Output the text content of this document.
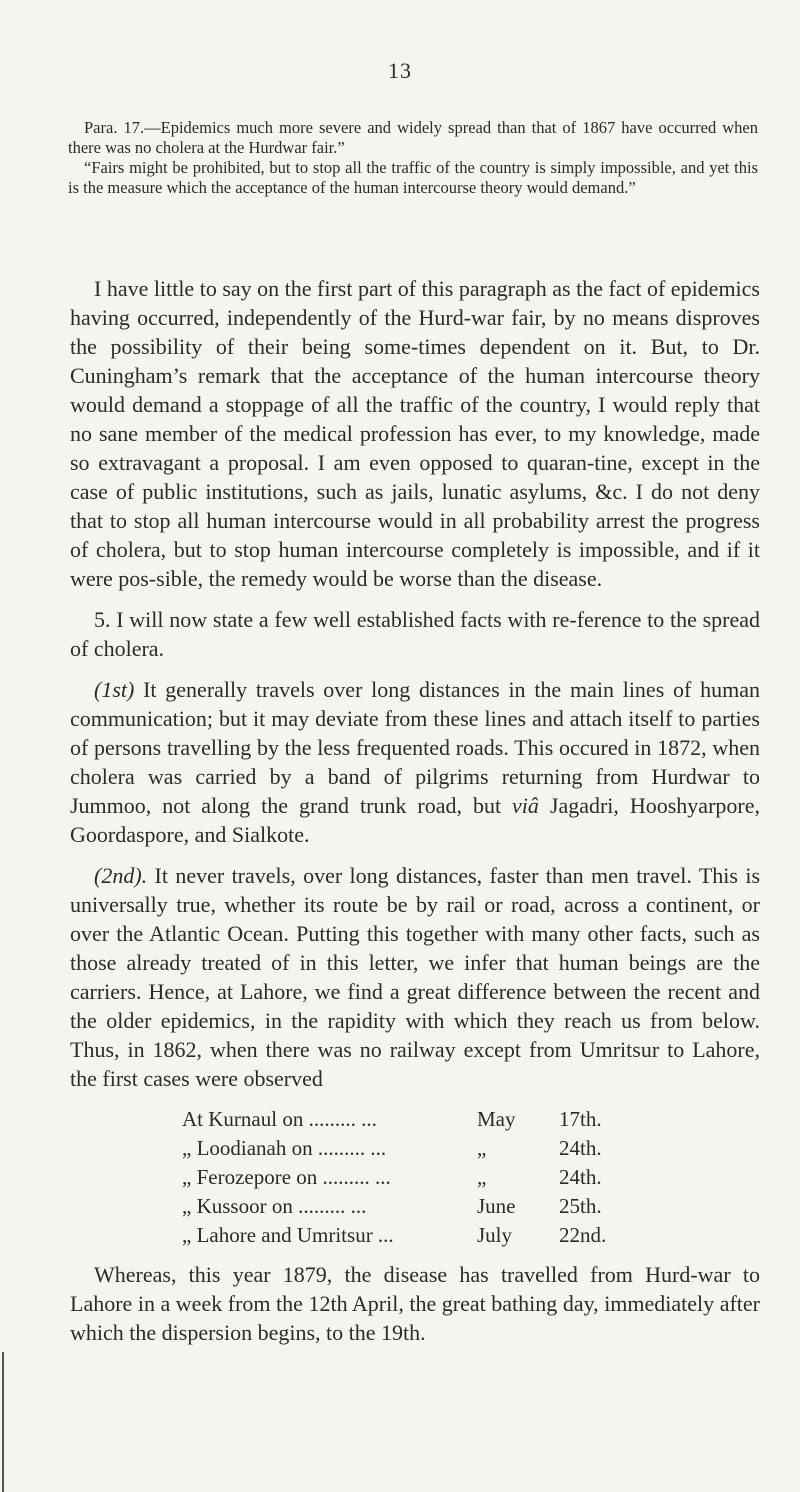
13

Para. 17.—Epidemics much more severe and widely spread than that of 1867 have occurred when there was no cholera at the Hurdwar fair.”

“Fairs might be prohibited, but to stop all the traffic of the country is simply impossible, and yet this is the measure which the acceptance of the human intercourse theory would demand.”

I have little to say on the first part of this paragraph as the fact of epidemics having occurred, independently of the Hurd-war fair, by no means disproves the possibility of their being some-times dependent on it. But, to Dr. Cuningham’s remark that the acceptance of the human intercourse theory would demand a stoppage of all the traffic of the country, I would reply that no sane member of the medical profession has ever, to my knowledge, made so extravagant a proposal. I am even opposed to quaran-tine, except in the case of public institutions, such as jails, lunatic asylums, &c. I do not deny that to stop all human intercourse would in all probability arrest the progress of cholera, but to stop human intercourse completely is impossible, and if it were pos-sible, the remedy would be worse than the disease.

5. I will now state a few well established facts with re-ference to the spread of cholera.

(1st) It generally travels over long distances in the main lines of human communication; but it may deviate from these lines and attach itself to parties of persons travelling by the less frequented roads. This occured in 1872, when cholera was carried by a band of pilgrims returning from Hurdwar to Jummoo, not along the grand trunk road, but viâ Jagadri, Hooshyarpore, Goordaspore, and Sialkote.

(2nd). It never travels, over long distances, faster than men travel. This is universally true, whether its route be by rail or road, across a continent, or over the Atlantic Ocean. Putting this together with many other facts, such as those already treated of in this letter, we infer that human beings are the carriers. Hence, at Lahore, we find a great difference between the recent and the older epidemics, in the rapidity with which they reach us from below. Thus, in 1862, when there was no railway except from Umritsur to Lahore, the first cases were observed

At Kurnaul on ......... ...	May	17th.
„ Loodianah on ......... ...	„	24th.
„ Ferozepore on ......... ...	„	24th.
„ Kussoor on ......... ...	June	25th.
„ Lahore and Umritsur ...	July	22nd.

Whereas, this year 1879, the disease has travelled from Hurd-war to Lahore in a week from the 12th April, the great bathing day, immediately after which the dispersion begins, to the 19th.
